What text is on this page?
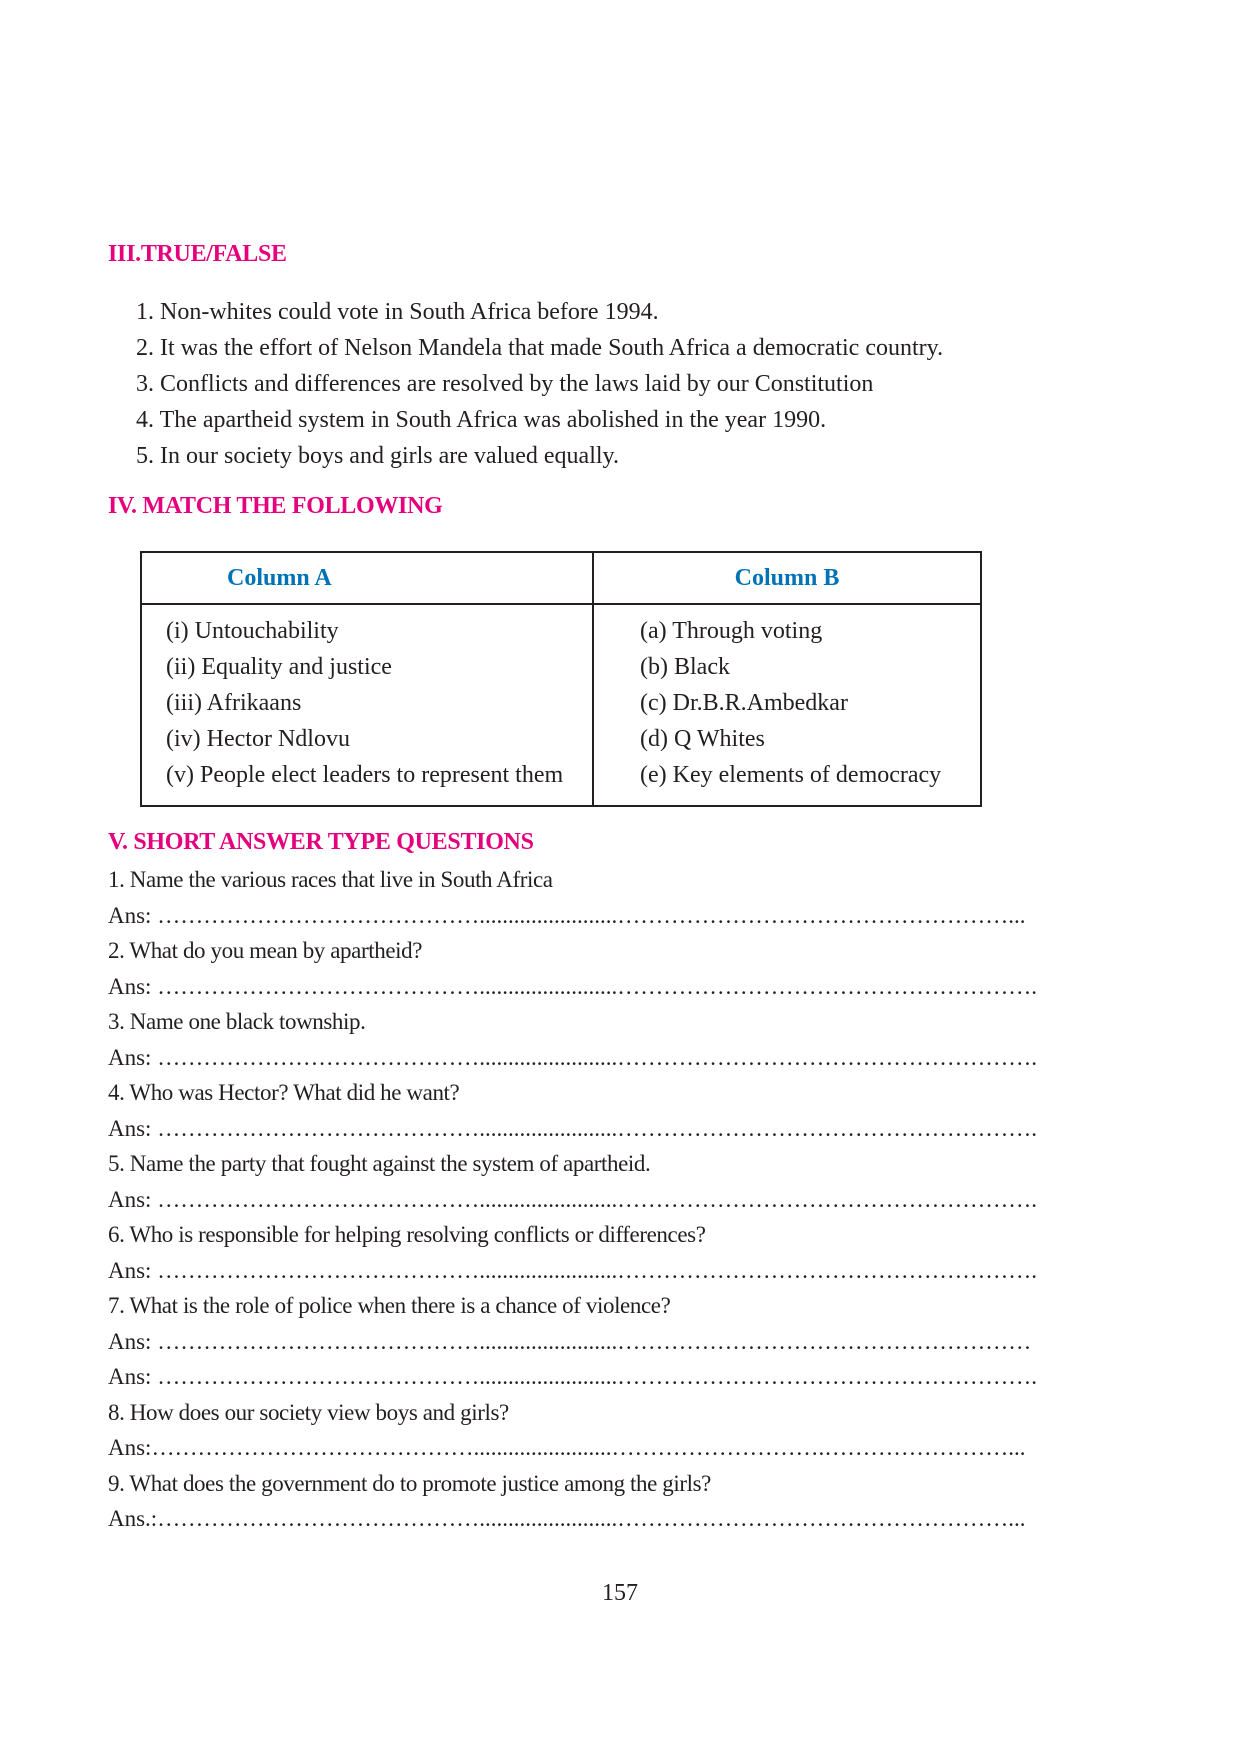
III.TRUE/FALSE
1. Non-whites could vote in South Africa before 1994.
2. It was the effort of Nelson Mandela that made South Africa a democratic country.
3. Conflicts and differences are resolved by the laws laid by our Constitution
4. The apartheid system in South Africa was abolished in the year 1990.
5. In our society boys and girls are valued equally.
IV. MATCH THE FOLLOWING
Column A
(i) Untouchability
(ii) Equality and justice
(iii) Afrikaans
(iv) Hector Ndlovu
(v) People elect leaders to represent them
Column B
(a) Through voting
(b) Black
(c) Dr.B.R.Ambedkar
(d) Q Whites
(e) Key elements of democracy
V. SHORT ANSWER TYPE QUESTIONS
1. Name the various races that live in South Africa
Ans: ……………………………………........................……………………………………………...
2. What do you mean by apartheid?
Ans: ……………………………………........................……………………………………………….
3. Name one black township.
Ans: ……………………………………........................……………………………………………….
4. Who was Hector? What did he want?
Ans: ……………………………………........................……………………………………………….
5. Name the party that fought against the system of apartheid.
Ans: ……………………………………........................……………………………………………….
6. Who is responsible for helping resolving conflicts or differences?
Ans: ……………………………………........................……………………………………………….
7. What is the role of police when there is a chance of violence?
Ans: ……………………………………........................………………………………………………
Ans: ……………………………………........................……………………………………………….
8. How does our society view boys and girls?
Ans:……………………………………........................……………………….……………………...
9. What does the government do to promote justice among the girls?
Ans.:……………………………………........................……………………………………………...
157
